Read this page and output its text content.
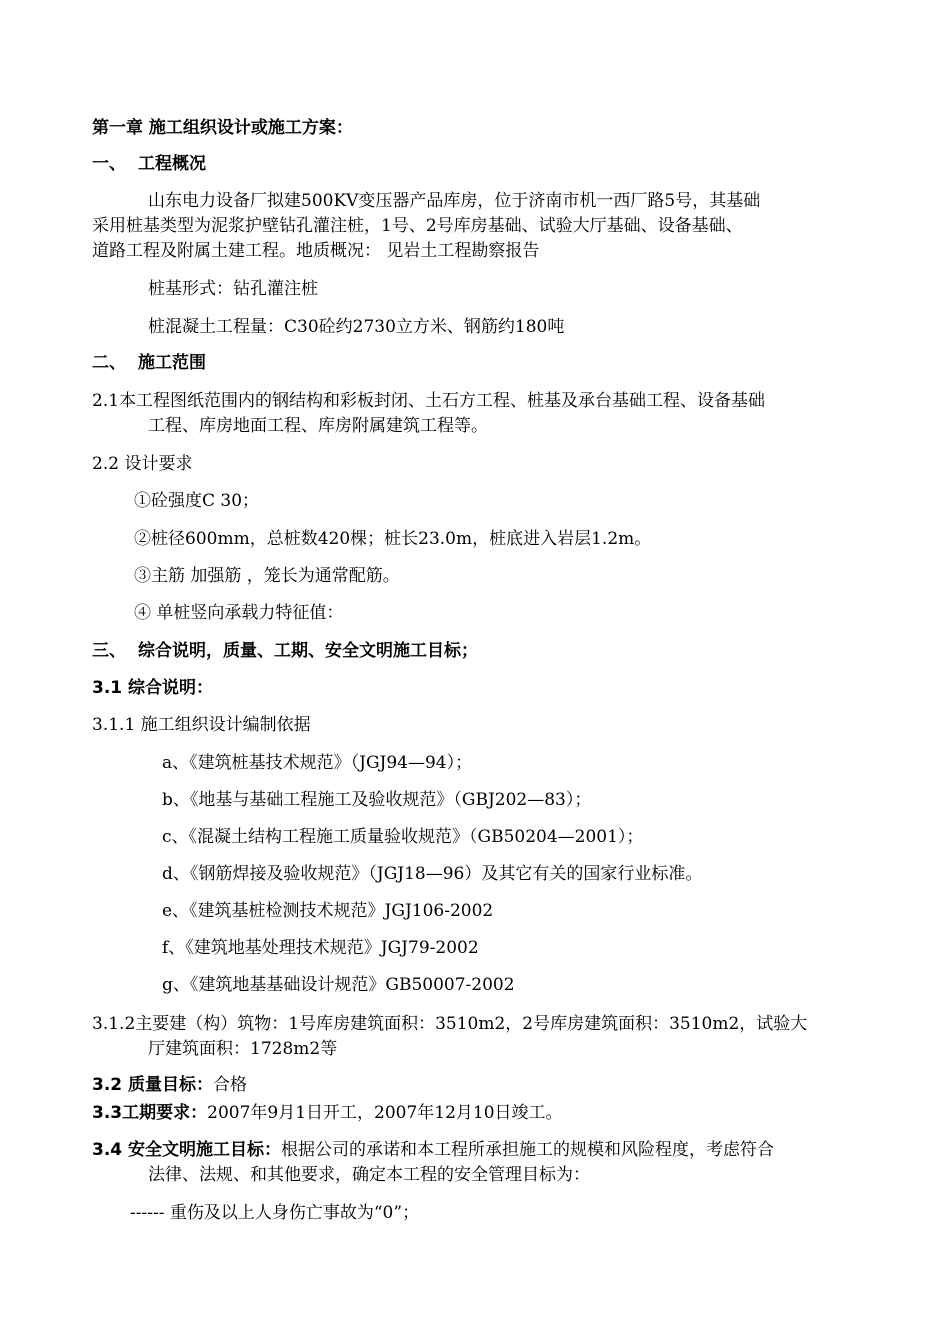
第一章 施工组织设计或施工方案：
一、 工程概况
山东电力设备厂拟建500KV变压器产品库房，位于济南市机一西厂路5号，其基础
采用桩基类型为泥浆护壁钻孔灌注桩，1号、2号库房基础、试验大厅基础、设备基础、
道路工程及附属土建工程。地质概况： 见岩土工程勘察报告
桩基形式：钻孔灌注桩
桩混凝土工程量：C30砼约2730立方米、钢筋约180吨
二、 施工范围
2.1本工程图纸范围内的钢结构和彩板封闭、土石方工程、桩基及承台基础工程、设备基础
工程、库房地面工程、库房附属建筑工程等。
2.2 设计要求
①砼强度C 30；
②桩径600mm，总桩数420棵；桩长23.0m，桩底进入岩层1.2m。
③主筋 加强筋 ，笼长为通常配筋。
④ 单桩竖向承载力特征值：
三、 综合说明，质量、工期、安全文明施工目标；
3.1 综合说明：
3.1.1 施工组织设计编制依据
a、《建筑桩基技术规范》（JGJ94—94）；
b、《地基与基础工程施工及验收规范》（GBJ202—83）；
c、《混凝土结构工程施工质量验收规范》（GB50204—2001）；
d、《钢筋焊接及验收规范》（JGJ18—96）及其它有关的国家行业标准。
e、《建筑基桩检测技术规范》JGJ106-2002
f、《建筑地基处理技术规范》JGJ79-2002
g、《建筑地基基础设计规范》GB50007-2002
3.1.2主要建（构）筑物：1号库房建筑面积：3510m2，2号库房建筑面积：3510m2，试验大
厅建筑面积：1728m2等
3.2 质量目标：合格
3.3工期要求：2007年9月1日开工，2007年12月10日竣工。
3.4 安全文明施工目标：根据公司的承诺和本工程所承担施工的规模和风险程度，考虑符合
法律、法规、和其他要求，确定本工程的安全管理目标为：
------ 重伤及以上人身伤亡事故为“0”；
